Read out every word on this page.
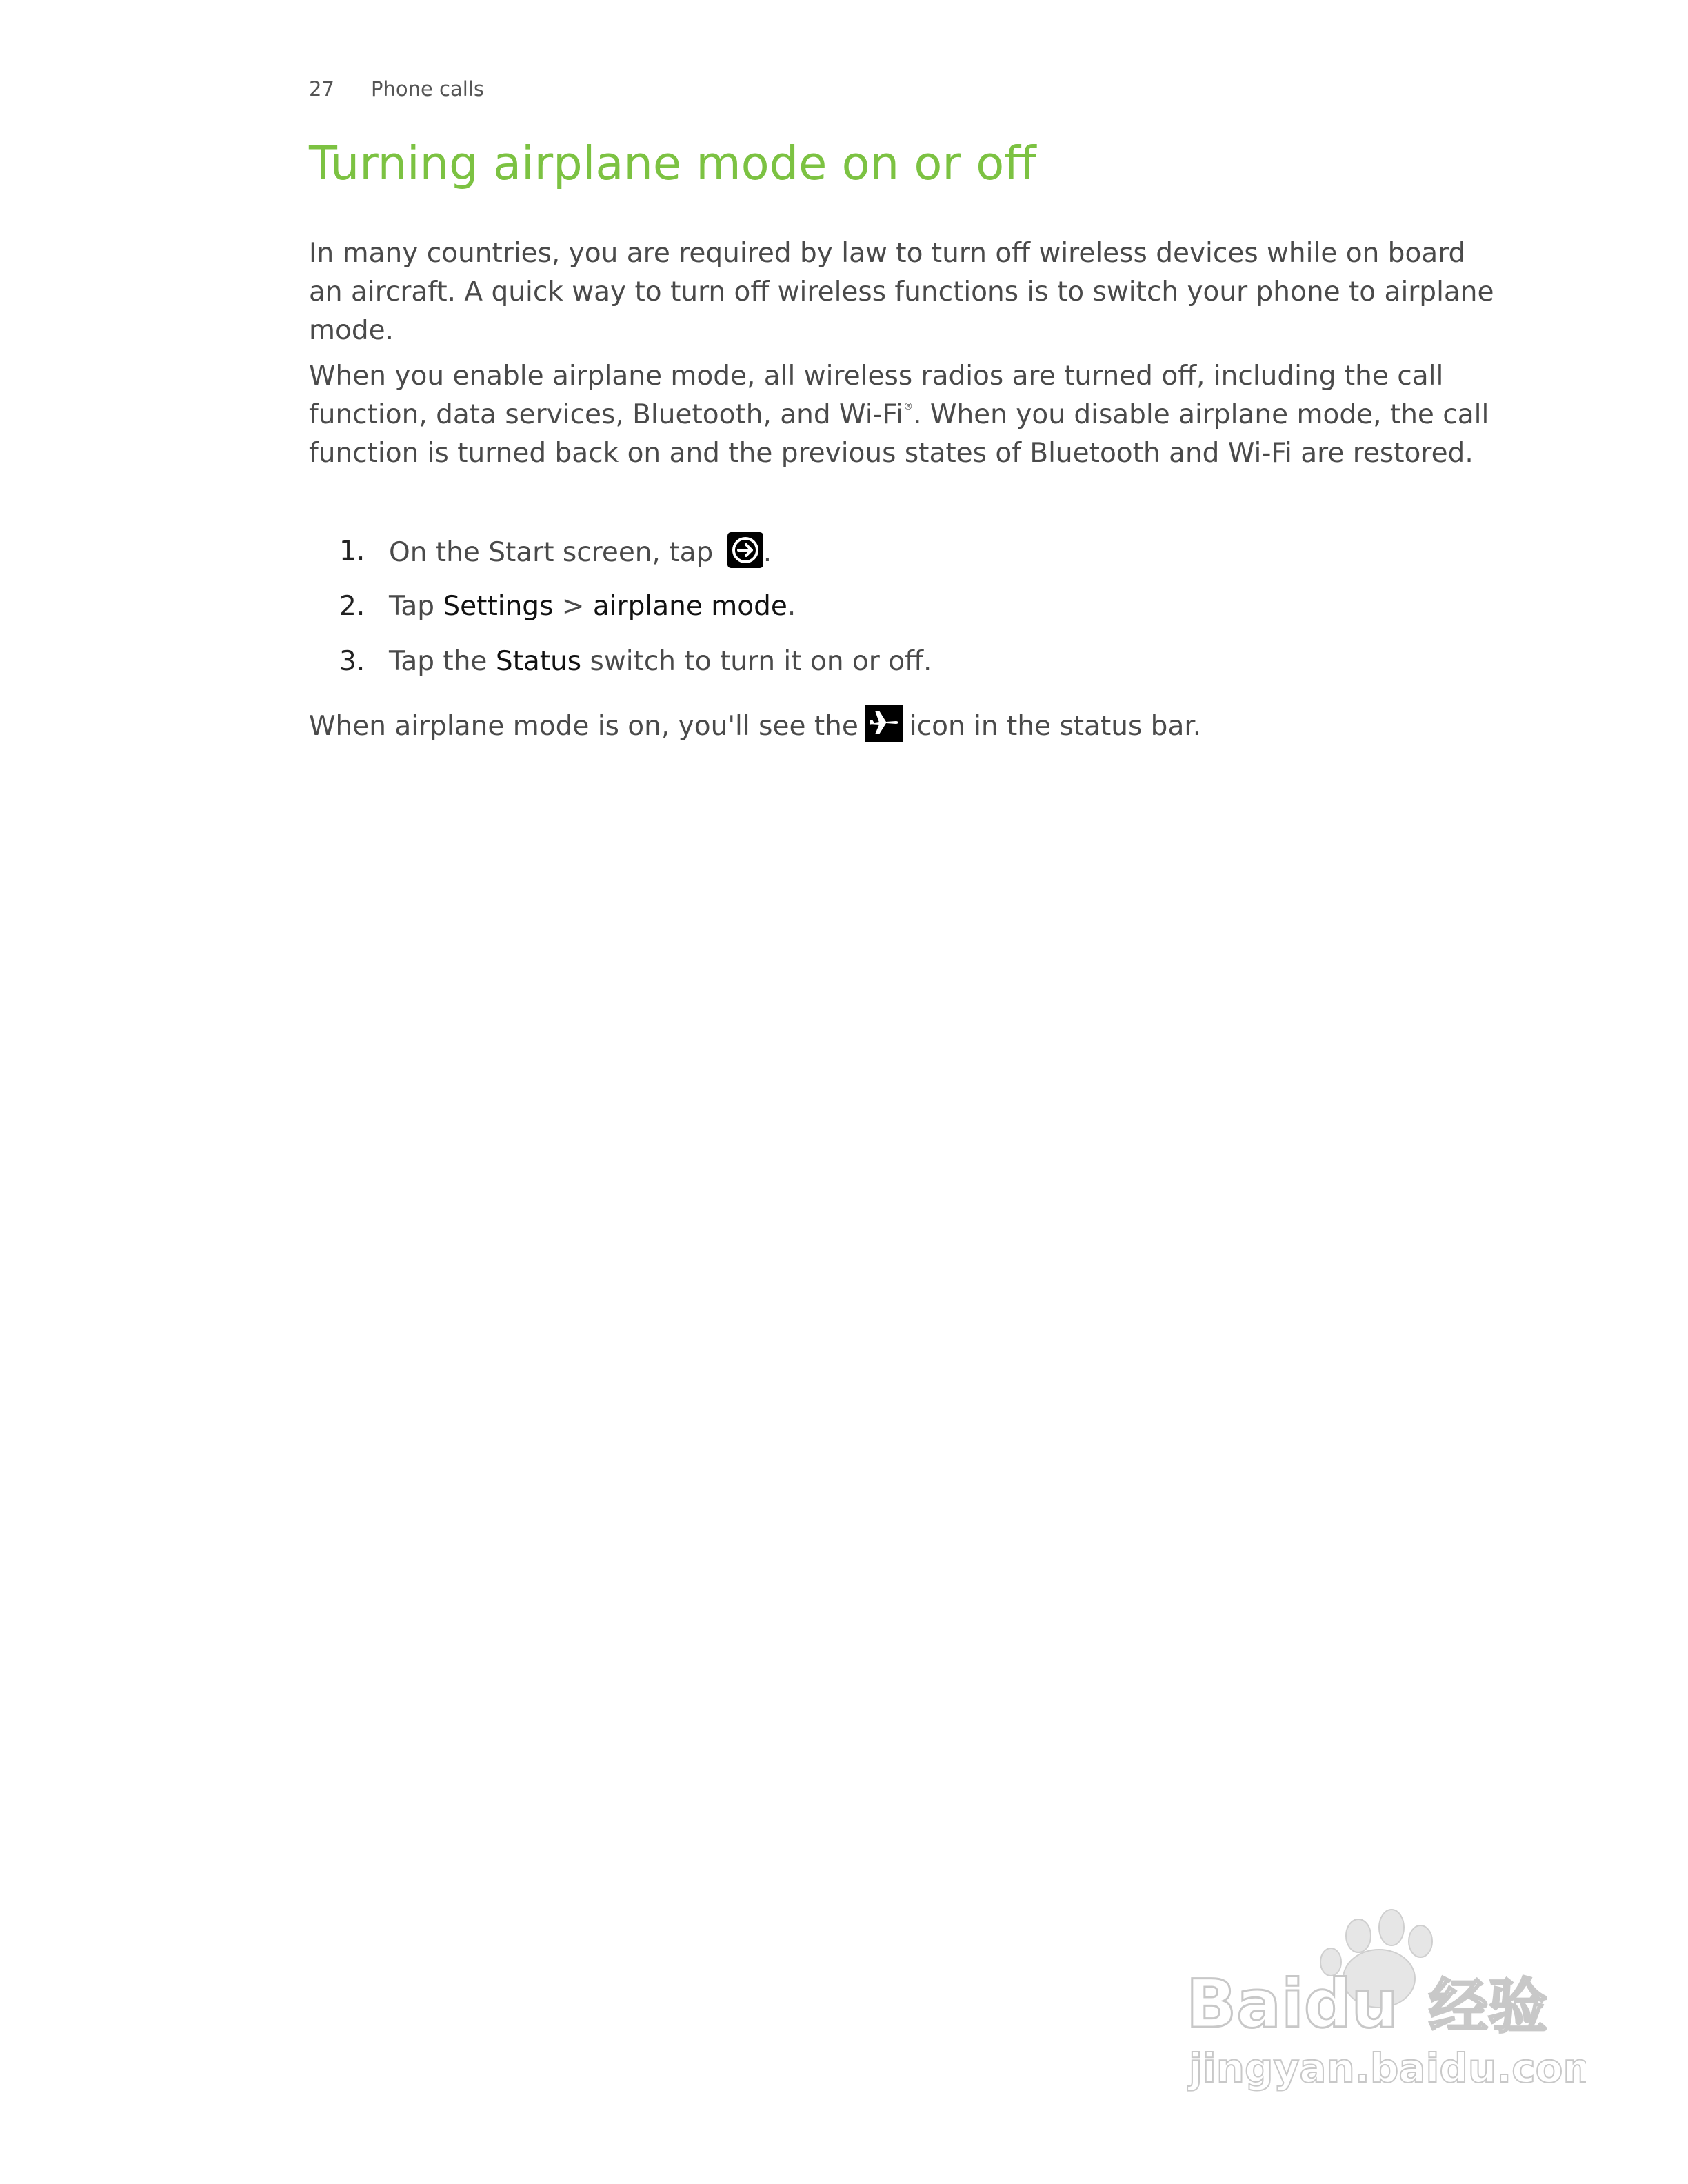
27 Phone calls
Turning airplane mode on or off
In many countries, you are required by law to turn off wireless devices while on board an aircraft. A quick way to turn off wireless functions is to switch your phone to airplane mode.
When you enable airplane mode, all wireless radios are turned off, including the call function, data services, Bluetooth, and Wi-Fi®. When you disable airplane mode, the call function is turned back on and the previous states of Bluetooth and Wi-Fi are restored.
1. On the Start screen, tap .
2. Tap Settings > airplane mode.
3. Tap the Status switch to turn it on or off.
When airplane mode is on, you'll see the icon in the status bar.
Baidu 经验
jingyan.baidu.com
